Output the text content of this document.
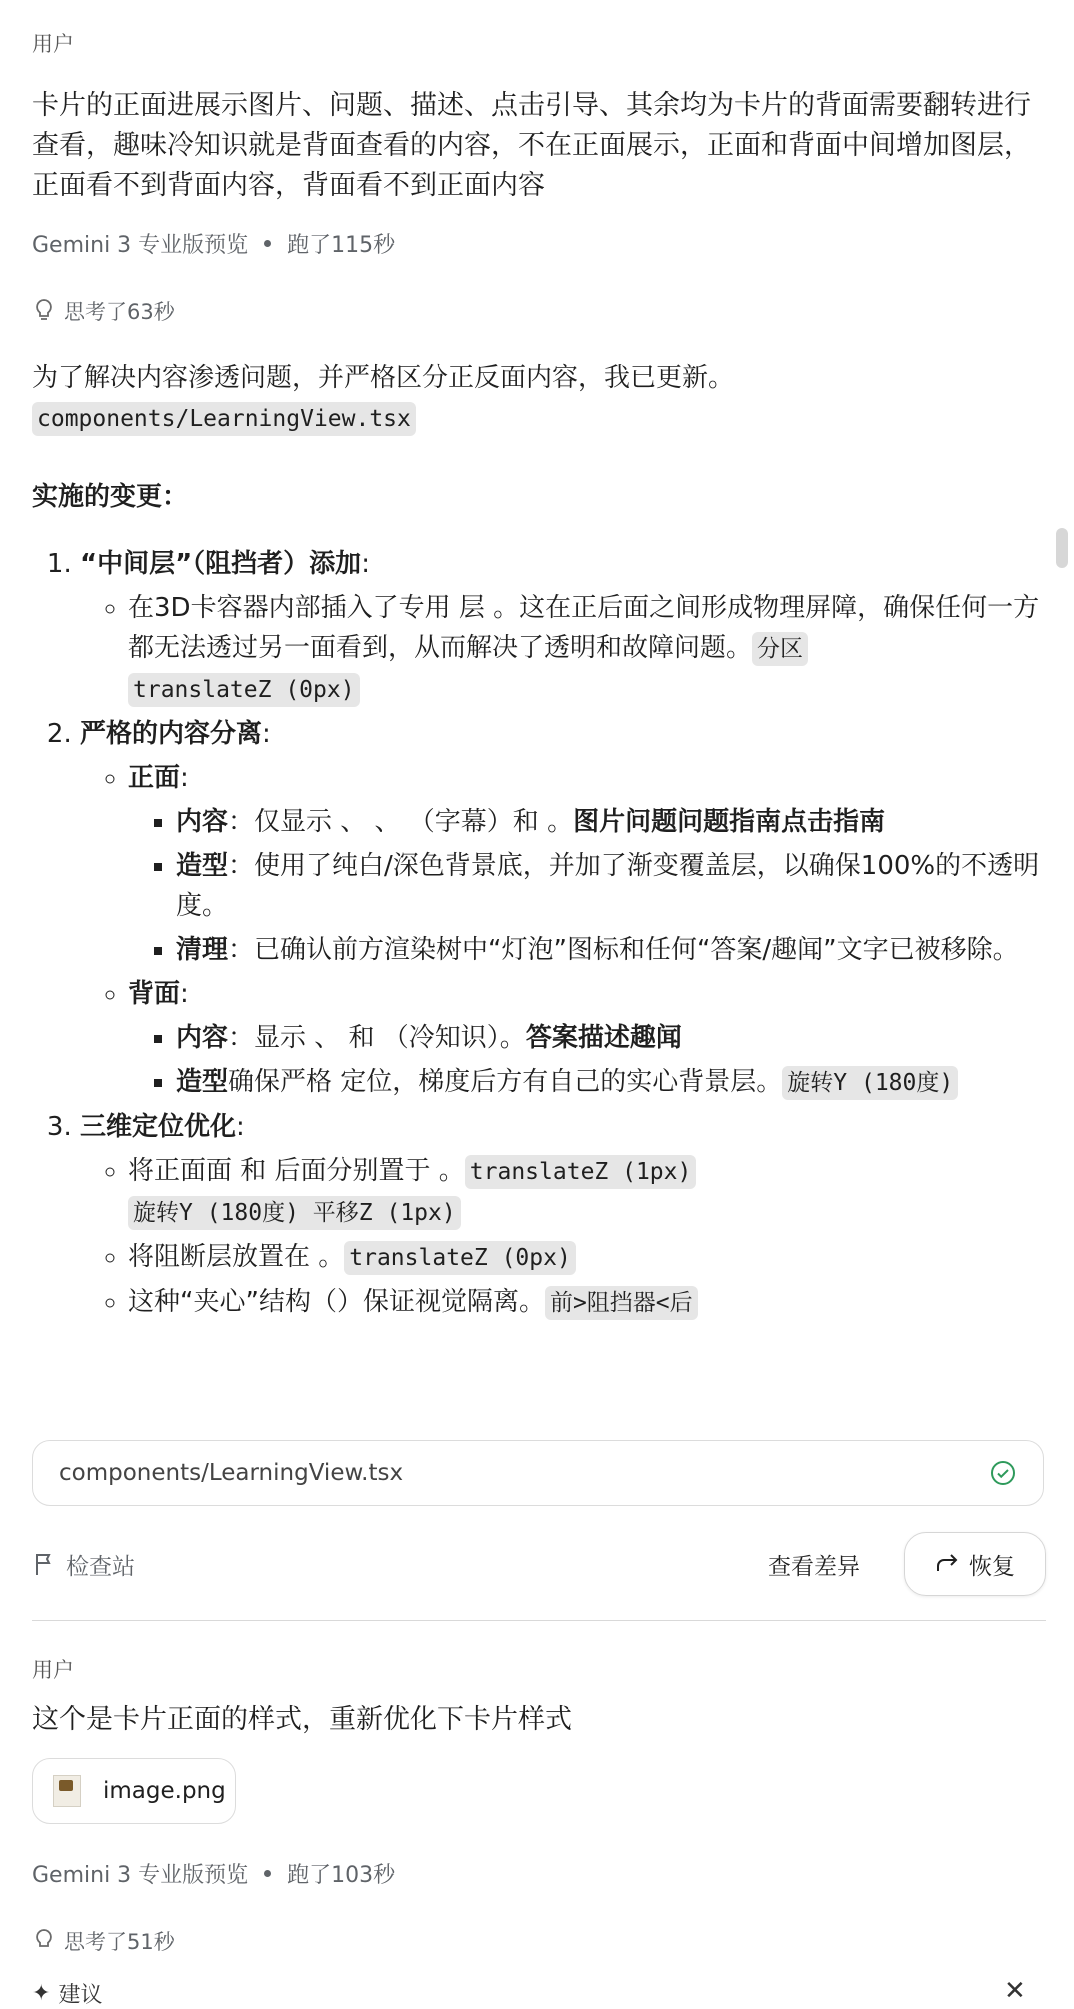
用户
卡片的正面进展示图片、问题、描述、点击引导、其余均为卡片的背面需要翻转进行查看，趣味冷知识就是背面查看的内容，不在正面展示，正面和背面中间增加图层，正面看不到背面内容，背面看不到正面内容
Gemini 3 专业版预览 跑了115秒
思考了63秒
为了解决内容渗透问题，并严格区分正反面内容，我已更新。
components/LearningView.tsx
实施的变更：
1. “中间层”（阻挡者）添加:
◦ 在3D卡容器内部插入了专用 层 。这在正后面之间形成物理屏障，确保任何一方都无法透过另一面看到，从而解决了透明和故障问题。 分区
translateZ (0px)
2. 严格的内容分离:
◦ 正面:
▪ 内容：仅显示 、 、 （字幕）和 。图片问题问题指南点击指南
▪ 造型：使用了纯白/深色背景底，并加了渐变覆盖层，以确保100%的不透明度。
▪ 清理：已确认前方渲染树中“灯泡”图标和任何“答案/趣闻”文字已被移除。
◦ 背面:
▪ 内容：显示 、 和 （冷知识）。答案描述趣闻
▪ 造型确保严格 定位，梯度后方有自己的实心背景层。 旋转Y (180度)
3. 三维定位优化:
◦ 将正面面 和 后面分别置于 。 translateZ (1px)
旋转Y (180度) 平移Z (1px)
◦ 将阻断层放置在 。 translateZ (0px)
◦ 这种“夹心”结构（）保证视觉隔离。 前>阻挡器<后
components/LearningView.tsx
检查站	查看差异	恢复
用户
这个是卡片正面的样式，重新优化下卡片样式
image.png
Gemini 3 专业版预览 跑了103秒
思考了51秒
✦ 建议	✕
